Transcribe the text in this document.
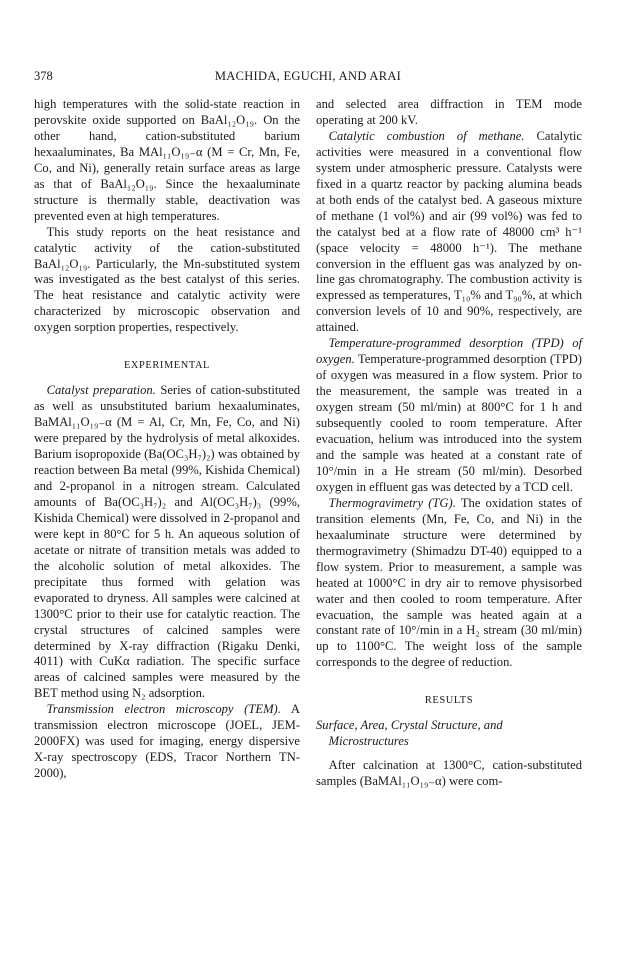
378	MACHIDA, EGUCHI, AND ARAI

high temperatures with the solid-state reaction in perovskite oxide supported on BaAl₁₂O₁₉. On the other hand, cation-substituted barium hexaaluminates, Ba MAl₁₁O₁₉₋α (M = Cr, Mn, Fe, Co, and Ni), generally retain surface areas as large as that of BaAl₁₂O₁₉. Since the hexaaluminate structure is thermally stable, deactivation was prevented even at high temperatures.

This study reports on the heat resistance and catalytic activity of the cation-substituted BaAl₁₂O₁₉. Particularly, the Mn-substituted system was investigated as the best catalyst of this series. The heat resistance and catalytic activity were characterized by microscopic observation and oxygen sorption properties, respectively.

EXPERIMENTAL

Catalyst preparation. Series of cation-substituted as well as unsubstituted barium hexaaluminates, BaMAl₁₁O₁₉₋α (M = Al, Cr, Mn, Fe, Co, and Ni) were prepared by the hydrolysis of metal alkoxides. Barium isopropoxide (Ba(OC₃H₇)₂) was obtained by reaction between Ba metal (99%, Kishida Chemical) and 2-propanol in a nitrogen stream. Calculated amounts of Ba(OC₃H₇)₂ and Al(OC₃H₇)₃ (99%, Kishida Chemical) were dissolved in 2-propanol and were kept in 80°C for 5 h. An aqueous solution of acetate or nitrate of transition metals was added to the alcoholic solution of metal alkoxides. The precipitate thus formed with gelation was evaporated to dryness. All samples were calcined at 1300°C prior to their use for catalytic reaction. The crystal structures of calcined samples were determined by X-ray diffraction (Rigaku Denki, 4011) with CuKα radiation. The specific surface areas of calcined samples were measured by the BET method using N₂ adsorption.

Transmission electron microscopy (TEM). A transmission electron microscope (JOEL, JEM-2000FX) was used for imaging, energy dispersive X-ray spectroscopy (EDS, Tracor Northern TN-2000),

and selected area diffraction in TEM mode operating at 200 kV.

Catalytic combustion of methane. Catalytic activities were measured in a conventional flow system under atmospheric pressure. Catalysts were fixed in a quartz reactor by packing alumina beads at both ends of the catalyst bed. A gaseous mixture of methane (1 vol%) and air (99 vol%) was fed to the catalyst bed at a flow rate of 48000 cm³ h⁻¹ (space velocity = 48000 h⁻¹). The methane conversion in the effluent gas was analyzed by on-line gas chromatography. The combustion activity is expressed as temperatures, T₁₀% and T₉₀%, at which conversion levels of 10 and 90%, respectively, are attained.

Temperature-programmed desorption (TPD) of oxygen. Temperature-programmed desorption (TPD) of oxygen was measured in a flow system. Prior to the measurement, the sample was treated in a oxygen stream (50 ml/min) at 800°C for 1 h and subsequently cooled to room temperature. After evacuation, helium was introduced into the system and the sample was heated at a constant rate of 10°/min in a He stream (50 ml/min). Desorbed oxygen in effluent gas was detected by a TCD cell.

Thermogravimetry (TG). The oxidation states of transition elements (Mn, Fe, Co, and Ni) in the hexaaluminate structure were determined by thermogravimetry (Shimadzu DT-40) equipped to a flow system. Prior to measurement, a sample was heated at 1000°C in dry air to remove physisorbed water and then cooled to room temperature. After evacuation, the sample was heated again at a constant rate of 10°/min in a H₂ stream (30 ml/min) up to 1100°C. The weight loss of the sample corresponds to the degree of reduction.

RESULTS
Surface, Area, Crystal Structure, and Microstructures

After calcination at 1300°C, cation-substituted samples (BaMAl₁₁O₁₉₋α) were com-
